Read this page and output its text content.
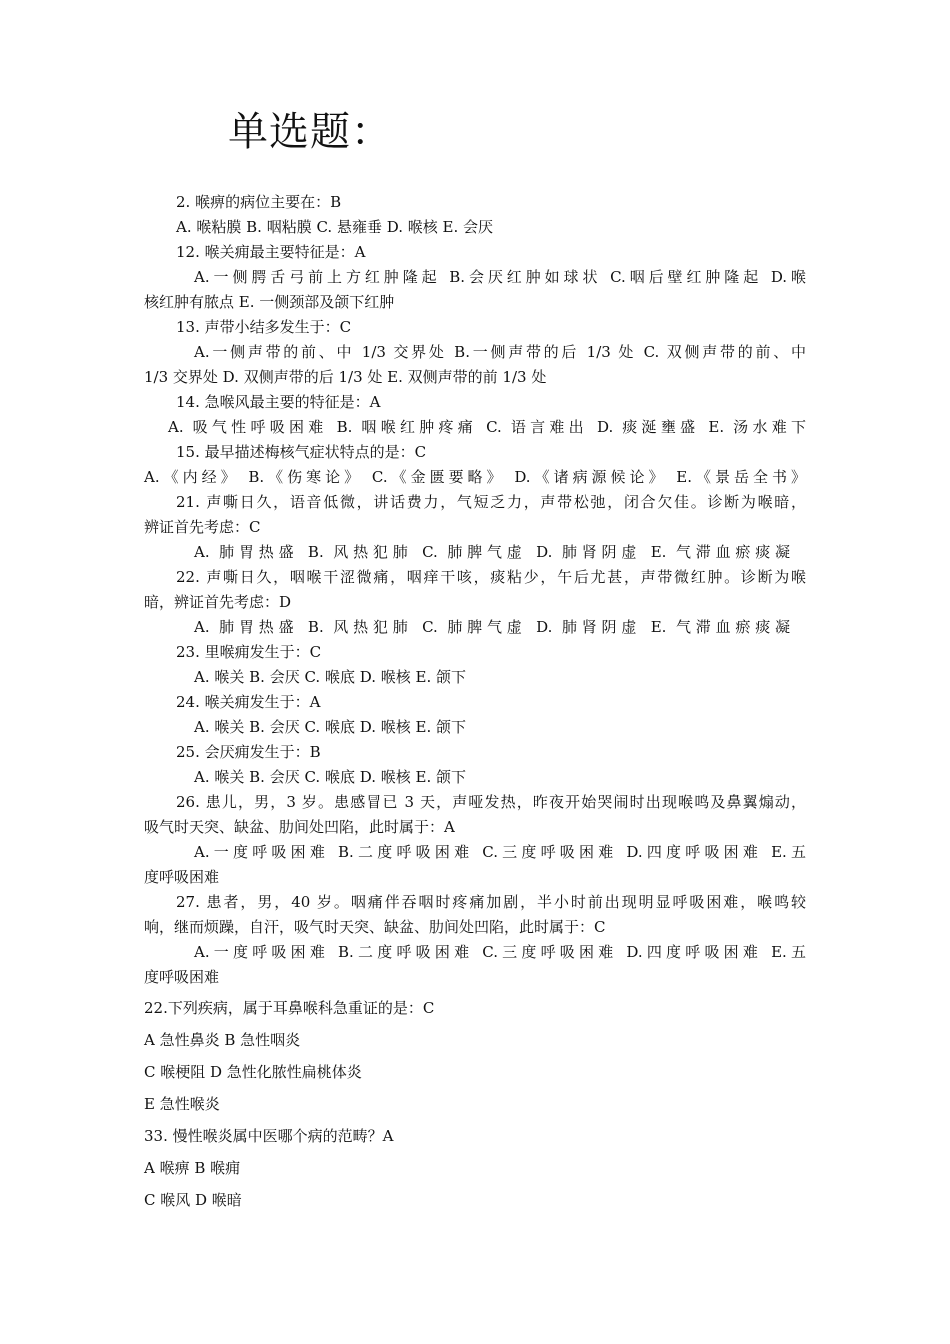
单选题：
2. 喉痹的病位主要在：B
A. 喉粘膜 B. 咽粘膜 C. 悬雍垂 D. 喉核 E. 会厌
12. 喉关痈最主要特征是：A
A.一侧腭舌弓前上方红肿隆起 B.会厌红肿如球状 C.咽后壁红肿隆起 D.喉
核红肿有脓点 E. 一侧颈部及颌下红肿
13. 声带小结多发生于：C
A.一侧声带的前、中 1/3 交界处 B.一侧声带的后 1/3 处 C. 双侧声带的前、中
1/3 交界处 D. 双侧声带的后 1/3 处 E. 双侧声带的前 1/3 处
14. 急喉风最主要的特征是：A
A. 吸气性呼吸困难 B. 咽喉红肿疼痛 C. 语言难出 D. 痰涎壅盛 E. 汤水难下
15. 最早描述梅核气症状特点的是：C
A.《内经》 B.《伤寒论》 C.《金匮要略》 D.《诸病源候论》 E.《景岳全书》
21. 声嘶日久，语音低微，讲话费力，气短乏力，声带松弛，闭合欠佳。诊断为喉暗，
辨证首先考虑：C
A. 肺胃热盛 B. 风热犯肺 C. 肺脾气虚 D. 肺肾阴虚 E. 气滞血瘀痰凝
22. 声嘶日久，咽喉干涩微痛，咽痒干咳，痰粘少，午后尤甚，声带微红肿。诊断为喉
暗，辨证首先考虑：D
A. 肺胃热盛 B. 风热犯肺 C. 肺脾气虚 D. 肺肾阴虚 E. 气滞血瘀痰凝
23. 里喉痈发生于：C
A. 喉关 B. 会厌 C. 喉底 D. 喉核 E. 颌下
24. 喉关痈发生于：A
A. 喉关 B. 会厌 C. 喉底 D. 喉核 E. 颌下
25. 会厌痈发生于：B
A. 喉关 B. 会厌 C. 喉底 D. 喉核 E. 颌下
26. 患儿，男，3 岁。患感冒已 3 天，声哑发热，昨夜开始哭闹时出现喉鸣及鼻翼煽动，
吸气时天突、缺盆、肋间处凹陷，此时属于：A
A.一度呼吸困难 B.二度呼吸困难 C.三度呼吸困难 D.四度呼吸困难 E.五
度呼吸困难
27. 患者，男，40 岁。咽痛伴吞咽时疼痛加剧，半小时前出现明显呼吸困难，喉鸣较
响，继而烦躁，自汗，吸气时天突、缺盆、肋间处凹陷，此时属于：C
A.一度呼吸困难 B.二度呼吸困难 C.三度呼吸困难 D.四度呼吸困难 E.五
度呼吸困难
22.下列疾病，属于耳鼻喉科急重证的是：C
A 急性鼻炎 B 急性咽炎
C 喉梗阻 D 急性化脓性扁桃体炎
E 急性喉炎
33. 慢性喉炎属中医哪个病的范畴？A
A 喉痹 B 喉痈
C 喉风 D 喉暗
